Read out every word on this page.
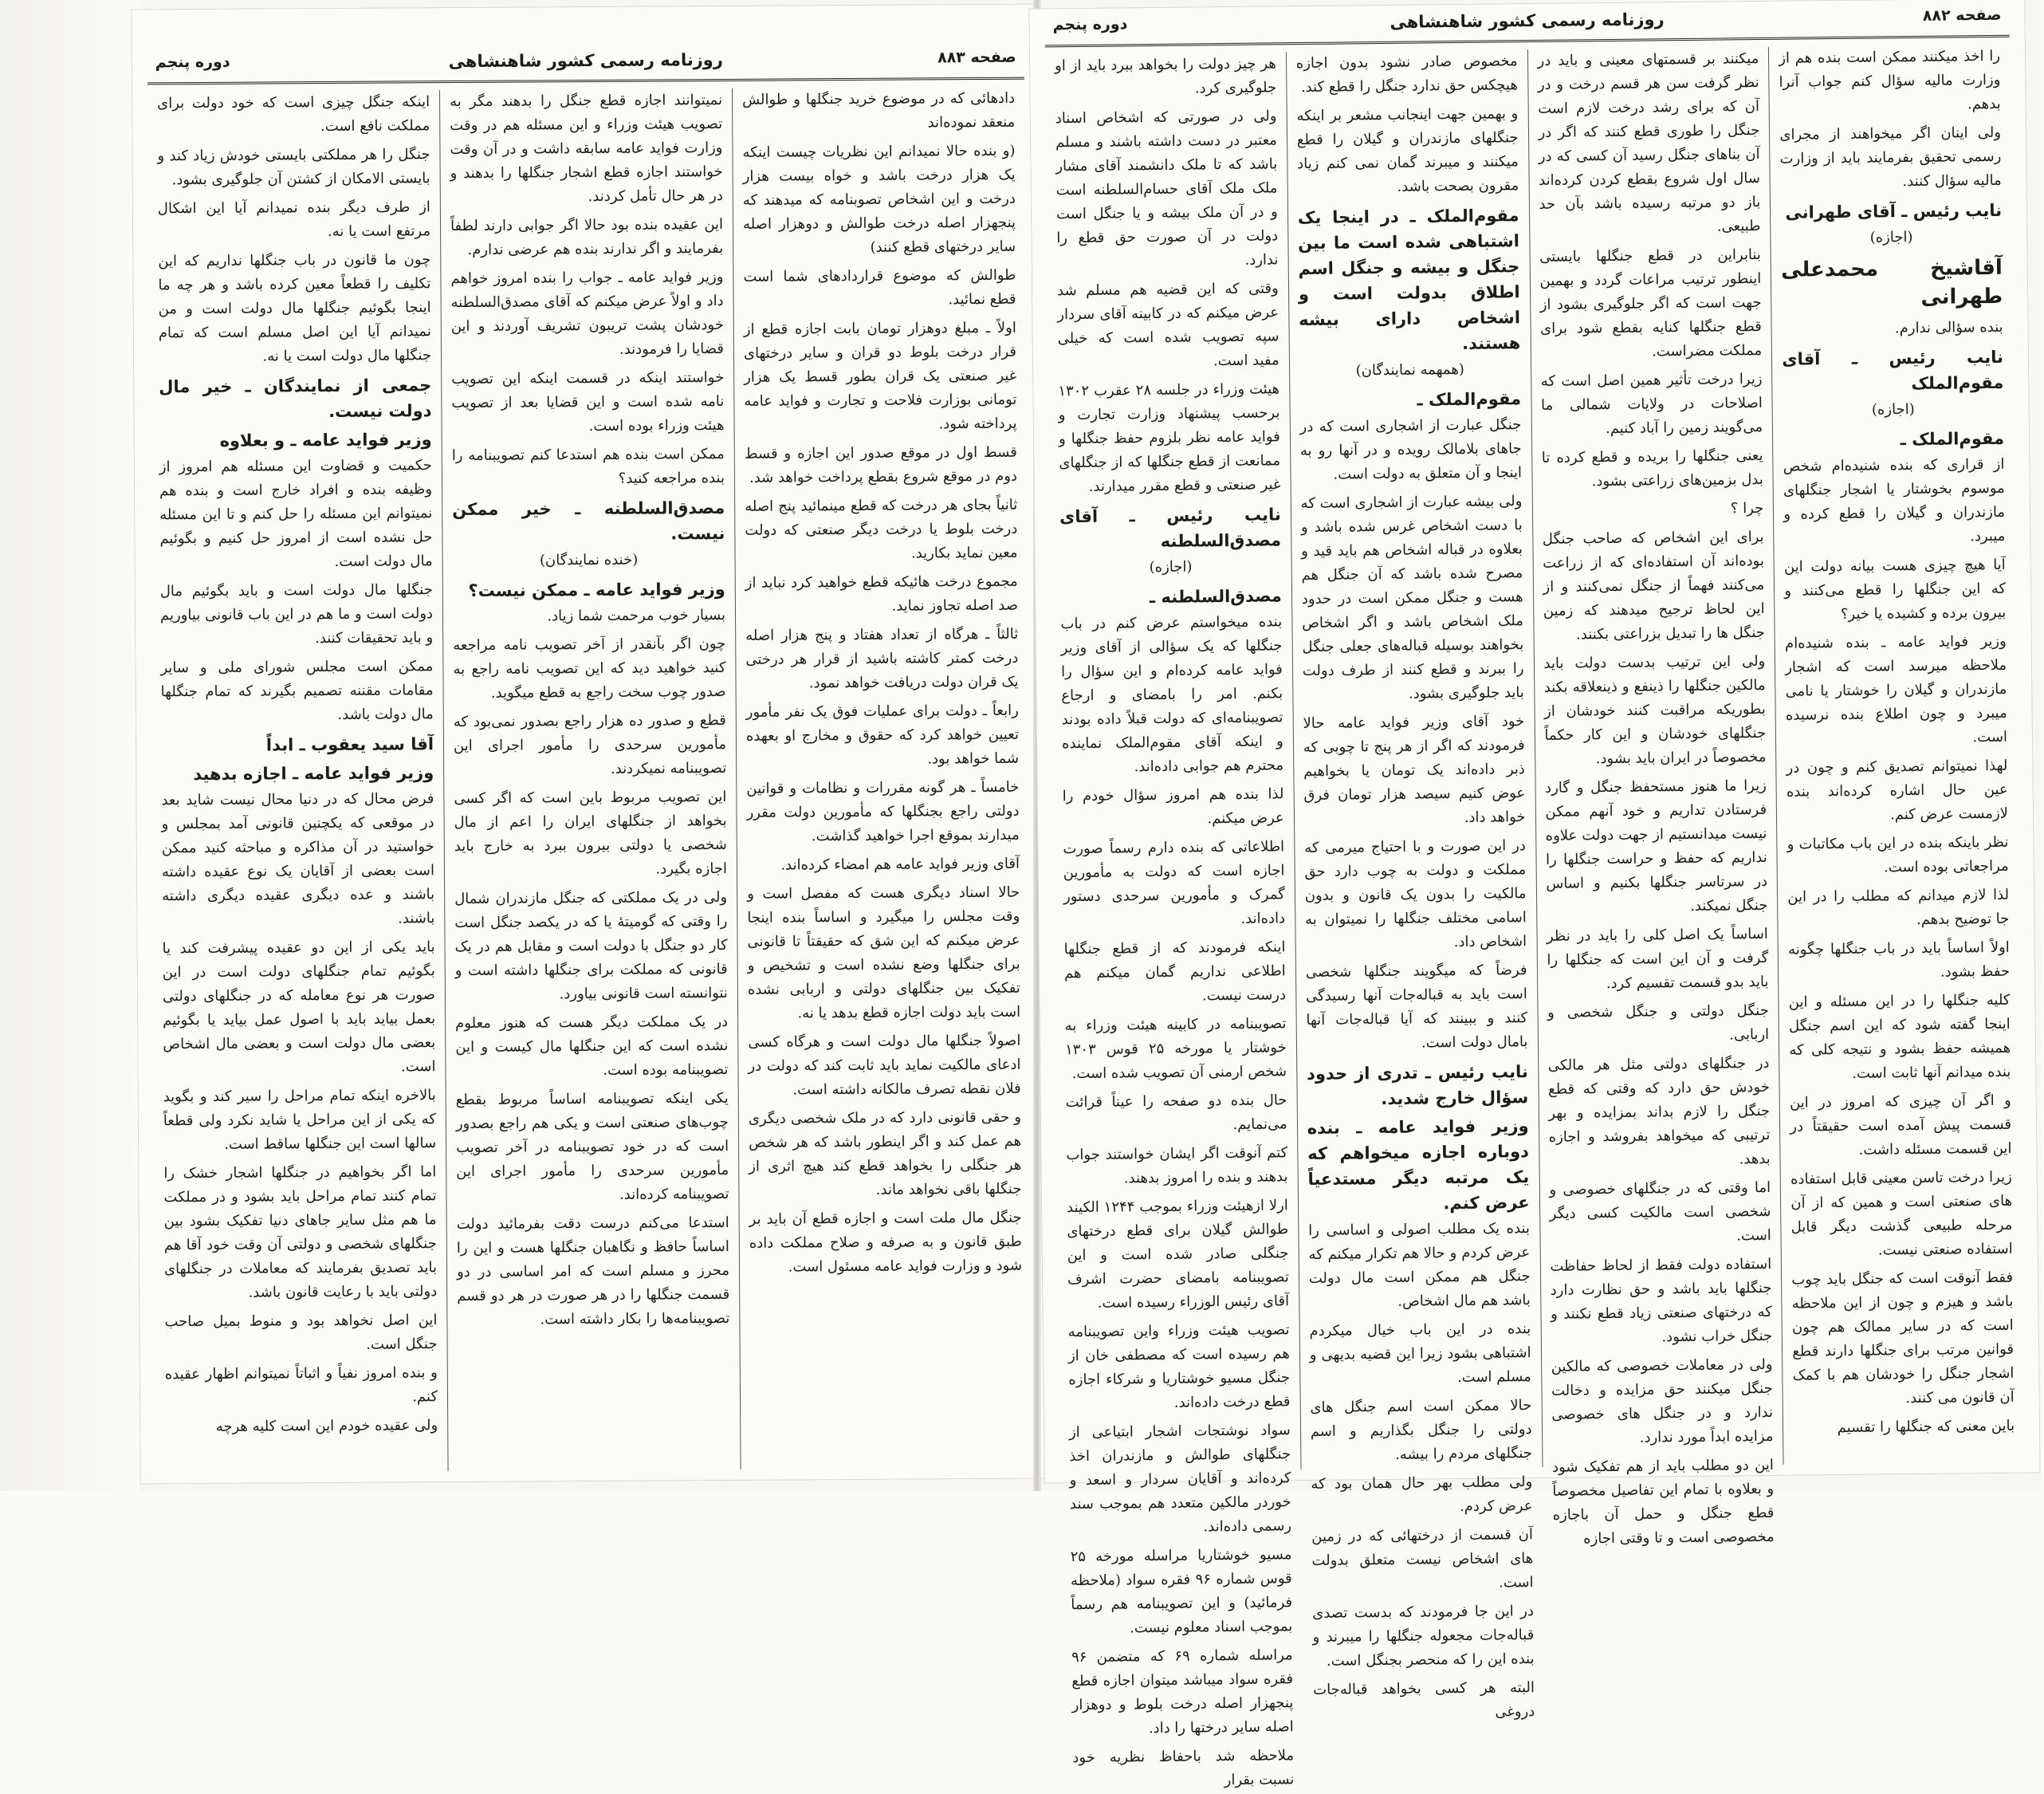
صفحه ۸۸۳
روزنامه رسمی کشور شاهنشاهی
دوره پنجم

دادهائی که در موضوع خرید جنگلها و طوالش منعقد نموده‌اند

(و بنده حالا نمیدانم این نظریات چیست اینکه یک هزار درخت باشد و خواه بیست هزار درخت و این اشخاص تصوبنامه که میدهند که پنجهزار اصله درخت طوالش و دوهزار اصله سایر درختهای قطع کنند)

طوالش که موضوع قراردادهای شما است قطع نمائید.

اولاً ـ مبلغ دوهزار تومان بابت اجازه قطع از قرار درخت بلوط دو قران و سایر درختهای غیر صنعتی یک قران بطور قسط یک هزار تومانی بوزارت فلاحت و تجارت و فواید عامه پرداخته شود.

قسط اول در موقع صدور این اجازه و قسط دوم در موقع شروع بقطع پرداخت خواهد شد.

ثانیاً بجای هر درخت که قطع مینمائید پنج اصله درخت بلوط یا درخت دیگر صنعتی که دولت معین نماید بکارید.

مجموع درخت هائیکه قطع خواهید کرد نباید از صد اصله تجاوز نماید.

ثالثاً ـ هرگاه از تعداد هفتاد و پنج هزار اصله درخت کمتر کاشته باشید از قرار هر درختی یک قران دولت دریافت خواهد نمود.

رابعاً ـ دولت برای عملیات فوق یک نفر مأمور تعیین خواهد کرد که حقوق و مخارج او بعهده شما خواهد بود.

خامساً ـ هر گونه مقررات و نظامات و قوانین دولتی راجع بجنگلها که مأمورین دولت مقرر میدارند بموقع اجرا خواهید گذاشت.

آقای وزیر فواید عامه هم امضاء کرده‌اند.

حالا اسناد دیگری هست که مفصل است و وقت مجلس را میگیرد و اساساً بنده اینجا عرض میکنم که این شق که حقیقتاً تا قانونی برای جنگلها وضع نشده است و تشخیص و تفکیک بین جنگلهای دولتی و اربابی نشده است باید دولت اجازه قطع بدهد یا نه.

اصولاً جنگلها مال دولت است و هرگاه کسی ادعای مالکیت نماید باید ثابت کند که دولت در فلان نقطه تصرف مالکانه داشته است.

و حقی قانونی دارد که در ملک شخصی دیگری هم عمل کند و اگر اینطور باشد که هر شخص هر جنگلی را بخواهد قطع کند هیچ اثری از جنگلها باقی نخواهد ماند.

جنگل مال ملت است و اجازه قطع آن باید بر طبق قانون و به صرفه و صلاح مملکت داده شود و وزارت فواید عامه مسئول است.

نمیتوانند اجازه قطع جنگل را بدهند مگر به تصویب هیئت وزراء و این مسئله هم در وقت وزارت فواید عامه سابقه داشت و در آن وقت خواستند اجازه قطع اشجار جنگلها را بدهند و در هر حال تأمل کردند.

این عقیده بنده بود حالا اگر جوابی دارند لطفاً بفرمایند و اگر ندارند بنده هم عرضی ندارم.

وزیر فواید عامه ـ جواب را بنده امروز خواهم داد و اولاً عرض میکنم که آقای مصدق‌السلطنه خودشان پشت تریبون تشریف آوردند و این قضایا را فرمودند.

خواستند اینکه در قسمت اینکه این تصویب نامه شده است و این قضایا بعد از تصویب هیئت وزراء بوده است.

ممکن است بنده هم استدعا کنم تصویبنامه را بنده مراجعه کنید؟

مصدق‌السلطنه ـ خیر ممکن نیست.
(خنده نمایندگان)
وزیر فواید عامه ـ ممکن نیست؟

بسیار خوب مرحمت شما زیاد.

چون اگر بآنقدر از آخر تصویب نامه مراجعه کنید خواهید دید که این تصویب نامه راجع به صدور چوب سخت راجع به قطع میگوید.

قطع و صدور ده هزار راجع بصدور نمی‌بود که مأمورین سرحدی را مأمور اجرای این تصویبنامه نمیکردند.

این تصویب مربوط باین است که اگر کسی بخواهد از جنگلهای ایران را اعم از مال شخصی یا دولتی بیرون ببرد به خارج باید اجازه بگیرد.

ولی در یک مملکتی که جنگل مازندران شمال را وقتی که گومیتهٔ یا که در یکصد جنگل است کار دو جنگل با دولت است و مقابل هم در یک قانونی که مملکت برای جنگلها داشته است و نتوانسته است قانونی بیاورد.

در یک مملکت دیگر هست که هنوز معلوم نشده است که این جنگلها مال کیست و این تصویبنامه بوده است.

یکی اینکه تصویبنامه اساساً مربوط بقطع چوب‌های صنعتی است و یکی هم راجع بصدور است که در خود تصویبنامه در آخر تصویب مأمورین سرحدی را مأمور اجرای این تصویبنامه کرده‌اند.

استدعا می‌کنم درست دقت بفرمائید دولت اساساً حافظ و نگاهبان جنگلها هست و این را محرز و مسلم است که امر اساسی در دو قسمت جنگلها را در هر صورت در هر دو قسم تصویبنامه‌ها را بکار داشته است.

اینکه جنگل چیزی است که خود دولت برای مملکت نافع است.

جنگل را هر مملکتی بایستی خودش زیاد کند و بایستی الامکان از کشتن آن جلوگیری بشود.

از طرف دیگر بنده نمیدانم آیا این اشکال مرتفع است یا نه.

چون ما قانون در باب جنگلها نداریم که این تکلیف را قطعاً معین کرده باشد و هر چه ما اینجا بگوئیم جنگلها مال دولت است و من نمیدانم آیا این اصل مسلم است که تمام جنگلها مال دولت است یا نه.

جمعی از نمایندگان ـ خیر مال دولت نیست.
وزیر فواید عامه ـ و بعلاوه

حکمیت و قضاوت این مسئله هم امروز از وظیفه بنده و افراد خارج است و بنده هم نمیتوانم این مسئله را حل کنم و تا این مسئله حل نشده است از امروز حل کنیم و بگوئیم مال دولت است.

جنگلها مال دولت است و باید بگوئیم مال دولت است و ما هم در این باب قانونی بیاوریم و باید تحقیقات کنند.

ممکن است مجلس شورای ملی و سایر مقامات مقننه تصمیم بگیرند که تمام جنگلها مال دولت باشد.

آقا سید یعقوب ـ ابداً
وزیر فواید عامه ـ اجازه بدهید

فرض محال که در دنیا محال نیست شاید بعد در موقعی که یکچنین قانونی آمد بمجلس و خواستید در آن مذاکره و مباحثه کنید ممکن است بعضی از آقایان یک نوع عقیده داشته باشند و عده دیگری عقیده دیگری داشته باشند.

باید یکی از این دو عقیده پیشرفت کند یا بگوئیم تمام جنگلهای دولت است در این صورت هر نوع معامله که در جنگلهای دولتی بعمل بیاید باید با اصول عمل بیاید یا بگوئیم بعضی مال دولت است و بعضی مال اشخاص است.

بالاخره اینکه تمام مراحل را سیر کند و بگوید که یکی از این مراحل یا شاید نکرد ولی قطعاً سالها است این جنگلها ساقط است.

اما اگر بخواهیم در جنگلها اشجار خشک را تمام کنند تمام مراحل باید بشود و در مملکت ما هم مثل سایر جاهای دنیا تفکیک بشود بین جنگلهای شخصی و دولتی آن وقت خود آقا هم باید تصدیق بفرمایند که معاملات در جنگلهای دولتی باید با رعایت قانون باشد.

این اصل نخواهد بود و منوط بمیل صاحب جنگل است.

و بنده امروز نفیاً و اثباتاً نمیتوانم اظهار عقیده کنم.

ولی عقیده خودم این است کلیه هرچه

صفحه ۸۸۲
روزنامه رسمی کشور شاهنشاهی
دوره پنجم

را اخذ میکنند ممکن است بنده هم از وزارت مالیه سؤال کنم جواب آنرا بدهم.

ولی اینان اگر میخواهند از مجرای رسمی تحقیق بفرمایند باید از وزارت مالیه سؤال کنند.

نایب رئیس ـ آقای طهرانی
(اجازه)
آقاشیخ محمدعلی طهرانی

بنده سؤالی ندارم.

نایب رئیس ـ آقای مقوم‌الملک
(اجازه)
مقوم‌الملک ـ

از قراری که بنده شنیده‌ام شخص موسوم بخوشتار یا اشجار جنگلهای مازندران و گیلان را قطع کرده و میبرد.

آیا هیچ چیزی هست بیانه دولت این که این جنگلها را قطع می‌کنند و بیرون برده و کشیده یا خیر؟

وزیر فواید عامه ـ بنده شنیده‌ام ملاحظه میرسد است که اشجار مازندران و گیلان را خوشتار یا نامی میبرد و چون اطلاع بنده نرسیده است.

لهذا نمیتوانم تصدیق کنم و چون در عین حال اشاره کرده‌اند بنده لازمست عرض کنم.

نظر باینکه بنده در این باب مکاتبات و مراجعاتی بوده است.

لذا لازم میدانم که مطلب را در این جا توضیح بدهم.

اولاً اساساً باید در باب جنگلها چگونه حفظ بشود.

کلیه جنگلها را در این مسئله و این اینجا گفته شود که این اسم جنگل همیشه حفظ بشود و نتیجه کلی که بنده میدانم آنها ثابت است.

و اگر آن چیزی که امروز در این قسمت پیش آمده است حقیقتاً در این قسمت مسئله داشت.

زیرا درخت تاسن معینی قابل استفاده های صنعتی است و همین که از آن مرحله طبیعی گذشت دیگر قابل استفاده صنعتی نیست.

فقط آنوقت است که جنگل باید چوب باشد و هیزم و چون از این ملاحظه است که در سایر ممالک هم چون قوانین مرتب برای جنگلها دارند قطع اشجار جنگل را خودشان هم با کمک آن قانون می کنند.

باین معنی که جنگلها را تقسیم

میکنند بر قسمتهای معینی و باید در نظر گرفت سن هر قسم درخت و در آن که برای رشد درخت لازم است جنگل را طوری قطع کنند که اگر در آن بناهای جنگل رسید آن کسی که در سال اول شروع بقطع کردن کرده‌اند باز دو مرتبه رسیده باشد بآن حد طبیعی.

بنابراین در قطع جنگلها بایستی اینطور ترتیب مراعات گردد و بهمین جهت است که اگر جلوگیری بشود از قطع جنگلها کنایه بقطع شود برای مملکت مضراست.

زیرا درخت تأثیر همین اصل است که اصلاحات در ولایات شمالی ما می‌گویند زمین را آباد کنیم.

یعنی جنگلها را بریده و قطع کرده تا بدل بزمین‌های زراعتی بشود.

چرا ؟

برای این اشخاص که صاحب جنگل بوده‌اند آن استفاده‌ای که از زراعت می‌کنند فهماً از جنگل نمی‌کنند و از این لحاظ ترجیح میدهند که زمین جنگل ها را تبدیل بزراعتی بکنند.

ولی این ترتیب بدست دولت باید مالکین جنگلها را ذینفع و ذینعلاقه بکند بطوریکه مراقبت کنند خودشان از جنگلهای خودشان و این کار حکماً مخصوصاً در ایران باید بشود.

زیرا ما هنوز مستحفظ جنگل و گارد فرستادن تداریم و خود آنهم ممکن نیست میدانستیم از جهت دولت علاوه نداریم که حفظ و حراست جنگلها را در سرتاسر جنگلها بکنیم و اساس جنگل نمیکند.

اساساً یک اصل کلی را باید در نظر گرفت و آن این است که جنگلها را باید بدو قسمت تقسیم کرد.

جنگل دولتی و جنگل شخصی و اربابی.

در جنگلهای دولتی مثل هر مالکی خودش حق دارد که وقتی که قطع جنگل را لازم بداند بمزایده و بهر ترتیبی که میخواهد بفروشد و اجازه بدهد.

اما وقتی که در جنگلهای خصوصی و شخصی است مالکیت کسی دیگر است.

استفاده دولت فقط از لحاظ حفاظت جنگلها باید باشد و حق نظارت دارد که درختهای صنعتی زیاد قطع نکنند و جنگل خراب نشود.

ولی در معاملات خصوصی که مالکین جنگل میکنند حق مزایده و دخالت ندارد و در جنگل های خصوصی مزایده ابداً مورد ندارد.

این دو مطلب باید از هم تفکیک شود و بعلاوه با تمام این تفاصیل مخصوصاً قطع جنگل و حمل آن باجازه مخصوصی است و تا وقتی اجازه

مخصوص صادر نشود بدون اجازه هیچکس حق ندارد جنگل را قطع کند.

و بهمین جهت اینجانب مشعر بر اینکه جنگلهای مازندران و گیلان را قطع میکنند و میبرند گمان نمی کنم زیاد مقرون بصحت باشد.

مقوم‌الملک ـ در اینجا یک اشتباهی شده است ما بین جنگل و بیشه و جنگل اسم اطلاق بدولت است و اشخاص دارای بیشه هستند.
(همهمه نمایندگان)
مقوم‌الملک ـ

جنگل عبارت از اشجاری است که در جاهای بلامالک رویده و در آنها رو به اینجا و آن متعلق به دولت است.

ولی بیشه عبارت از اشجاری است که با دست اشخاص غرس شده باشد و بعلاوه در قباله اشخاص هم باید قید و مصرح شده باشد که آن جنگل هم هست و جنگل ممکن است در حدود ملک اشخاص باشد و اگر اشخاص بخواهند بوسیله قباله‌های جعلی جنگل را ببرند و قطع کنند از طرف دولت باید جلوگیری بشود.

خود آقای وزیر فواید عامه حالا فرمودند که اگر از هر پنج تا چوبی که ذبر داده‌اند یک تومان یا بخواهیم عوض کنیم سیصد هزار تومان فرق خواهد داد.

در این صورت و با احتیاج میرمی که مملکت و دولت به چوب دارد حق مالکیت را بدون یک قانون و بدون اسامی مختلف جنگلها را نمیتوان به اشخاص داد.

فرضاً که میگویند جنگلها شخصی است باید به قباله‌جات آنها رسیدگی کنند و ببینند که آیا قباله‌جات آنها بامال دولت است.

نایب رئیس ـ تدری از حدود سؤال خارج شدید.
وزیر فواید عامه ـ بنده دوباره اجازه میخواهم که یک مرتبه دیگر مستدعیاً عرض کنم.

بنده یک مطلب اصولی و اساسی را عرض کردم و حالا هم تکرار میکنم که جنگل هم ممکن است مال دولت باشد هم مال اشخاص.

بنده در این باب خیال میکردم اشتباهی بشود زیرا این قضیه بدیهی و مسلم است.

حالا ممکن است اسم جنگل های دولتی را جنگل بگذاریم و اسم جنگلهای مردم را بیشه.

ولی مطلب بهر حال همان بود که عرض کردم.

آن قسمت از درختهائی که در زمین های اشخاص نیست متعلق بدولت است.

در این جا فرمودند که بدست تصدی قباله‌جات مجعوله جنگلها را میبرند و بنده این را که منحصر بجنگل است.

البته هر کسی بخواهد قباله‌جات دروغی

هر چیز دولت را بخواهد ببرد باید از او جلوگیری کرد.

ولی در صورتی که اشخاص اسناد معتبر در دست داشته باشند و مسلم باشد که تا ملک دانشمند آقای مشار ملک ملک آقای حسام‌السلطنه است و در آن ملک بیشه و یا جنگل است دولت در آن صورت حق قطع را ندارد.

وقتی که این قضیه هم مسلم شد عرض میکنم که در کابینه آقای سردار سپه تصویب شده است که خیلی مفید است.

هیئت وزراء در جلسه ۲۸ عقرب ۱۳۰۲ برحسب پیشنهاد وزارت تجارت و فواید عامه نظر بلزوم حفظ جنگلها و ممانعت از قطع جنگلها که از جنگلهای غیر صنعتی و قطع مقرر میدارند.

نایب رئیس ـ آقای مصدق‌السلطنه
(اجازه)
مصدق‌السلطنه ـ

بنده میخواستم عرض کنم در باب جنگلها که یک سؤالی از آقای وزیر فواید عامه کرده‌ام و این سؤال را بکنم. امر را بامضای و ارجاع تصویبنامه‌ای که دولت قبلاً داده بودند و اینکه آقای مقوم‌الملک نماینده محترم هم جوابی داده‌اند.

لذا بنده هم امروز سؤال خودم را عرض میکنم.

اطلاعاتی که بنده دارم رسماً صورت اجازه است که دولت به مأمورین گمرک و مأمورین سرحدی دستور داده‌اند.

اینکه فرمودند که از قطع جنگلها اطلاعی نداریم گمان میکنم هم درست نیست.

تصویبنامه در کابینه هیئت وزراء به خوشتار یا مورخه ۲۵ قوس ۱۳۰۳ شخص ارمنی آن تصویب شده است.

حال بنده دو صفحه را عیناً قرائت می‌نمایم.

کتم آنوقت اگر ایشان خواستند جواب بدهند و بنده را امروز بدهند.

ارلا ازهیئت وزراء بموجب ۱۲۴۴ الکیند طوالش گیلان برای قطع درختهای جنگلی صادر شده است و این تصویبنامه بامضای حضرت اشرف آقای رئیس الوزراء رسیده است.

تصویب هیئت وزراء واین تصویبنامه هم رسیده است که مصطفی خان از جنگل مسیو خوشتاریا و شرکاء اجازه قطع درخت داده‌اند.

سواد نوشتجات اشجار ابتیاعی از جنگلهای طوالش و مازندران اخذ کرده‌اند و آقایان سردار و اسعد و خوردر مالکین متعدد هم بموجب سند رسمی داده‌اند.

مسیو خوشتاریا مراسله مورخه ۲۵ قوس شماره ۹۶ فقره سواد (ملاحظه فرمائید) و این تصویبنامه هم رسماً بموجب اسناد معلوم نیست.

مراسله شماره ۶۹ که متضمن ۹۶ فقره سواد میباشد میتوان اجازه قطع پنجهزار اصله درخت بلوط و دوهزار اصله سایر درختها را داد.

ملاحظه شد باحفاظ نظریه خود نسبت بقرار
